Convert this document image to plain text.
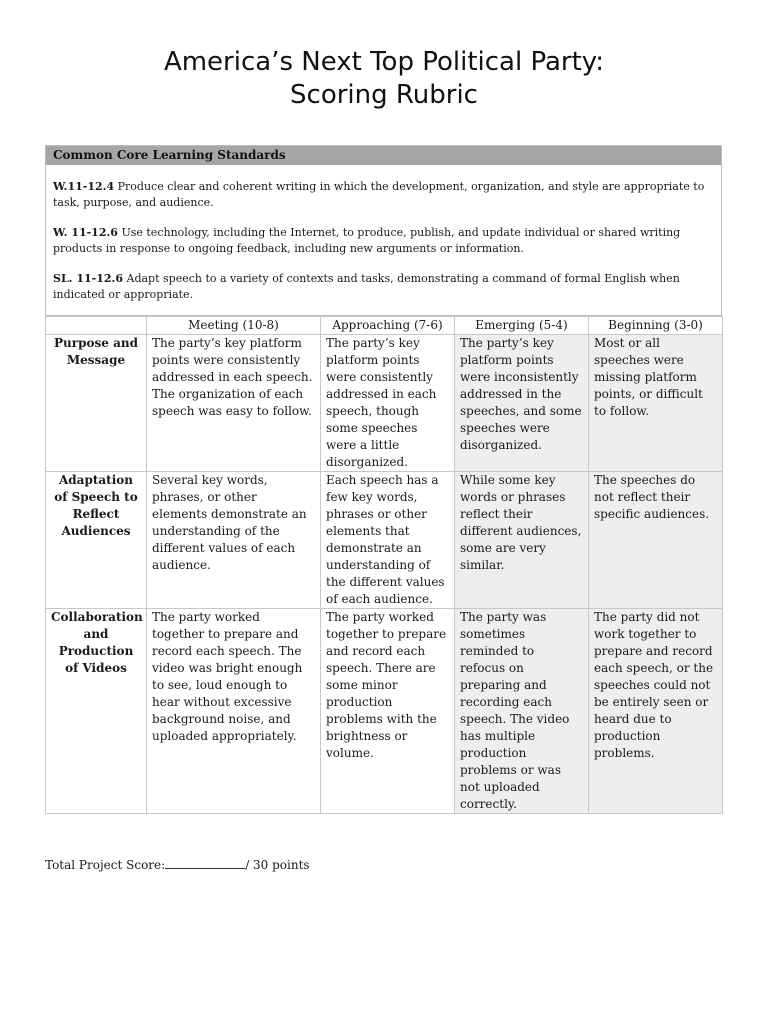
America’s Next Top Political Party:
Scoring Rubric
Common Core Learning Standards
W.11-12.4 Produce clear and coherent writing in which the development, organization, and style are appropriate to task, purpose, and audience.
W. 11-12.6 Use technology, including the Internet, to produce, publish, and update individual or shared writing products in response to ongoing feedback, including new arguments or information.
SL. 11-12.6 Adapt speech to a variety of contexts and tasks, demonstrating a command of formal English when indicated or appropriate.
	Meeting (10-8)	Approaching (7-6)	Emerging (5-4)	Beginning (3-0)
Purpose and Message	The party’s key platform points were consistently addressed in each speech. The organization of each speech was easy to follow.	The party’s key platform points were consistently addressed in each speech, though some speeches were a little disorganized.	The party’s key platform points were inconsistently addressed in the speeches, and some speeches were disorganized.	Most or all speeches were missing platform points, or difficult to follow.
Adaptation of Speech to Reflect Audiences	Several key words, phrases, or other elements demonstrate an understanding of the different values of each audience.	Each speech has a few key words, phrases or other elements that demonstrate an understanding of the different values of each audience.	While some key words or phrases reflect their different audiences, some are very similar.	The speeches do not reflect their specific audiences.
Collaboration and Production of Videos	The party worked together to prepare and record each speech. The video was bright enough to see, loud enough to hear without excessive background noise, and uploaded appropriately.	The party worked together to prepare and record each speech. There are some minor production problems with the brightness or volume.	The party was sometimes reminded to refocus on preparing and recording each speech. The video has multiple production problems or was not uploaded correctly.	The party did not work together to prepare and record each speech, or the speeches could not be entirely seen or heard due to production problems.
Total Project Score:	/ 30 points
